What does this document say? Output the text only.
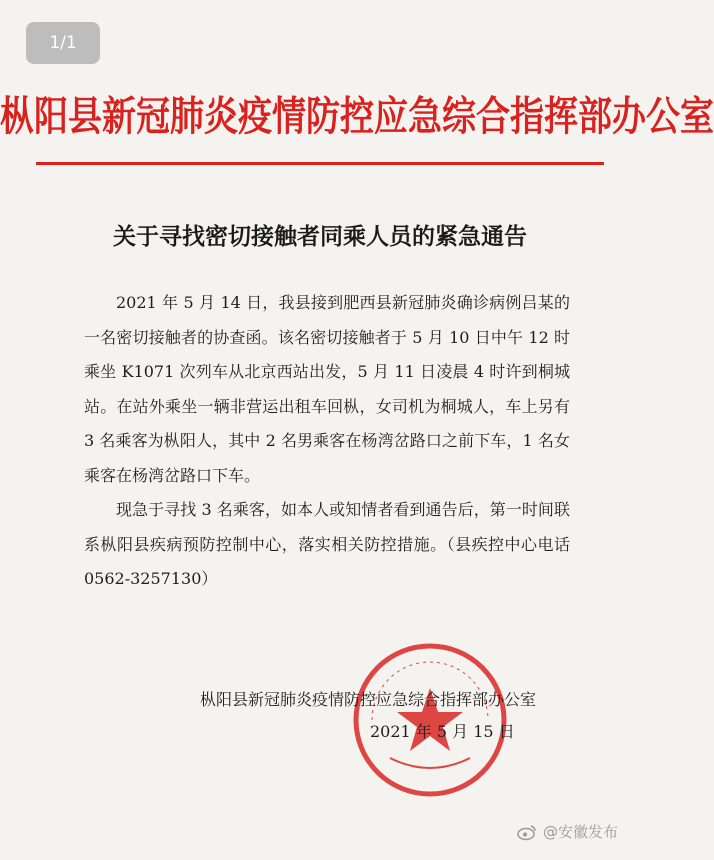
1/1
枞阳县新冠肺炎疫情防控应急综合指挥部办公室
关于寻找密切接触者同乘人员的紧急通告

2021 年 5 月 14 日，我县接到肥西县新冠肺炎确诊病例吕某的一名密切接触者的协查函。该名密切接触者于 5 月 10 日中午 12 时乘坐 K1071 次列车从北京西站出发，5 月 11 日凌晨 4 时许到桐城站。在站外乘坐一辆非营运出租车回枞，女司机为桐城人，车上另有 3 名乘客为枞阳人，其中 2 名男乘客在杨湾岔路口之前下车，1 名女乘客在杨湾岔路口下车。

现急于寻找 3 名乘客，如本人或知情者看到通告后，第一时间联系枞阳县疾病预防控制中心，落实相关防控措施。（县疾控中心电话 0562-3257130）

枞阳县新冠肺炎疫情防控应急综合指挥部办公室
2021 年 5 月 15 日
@安徽发布
